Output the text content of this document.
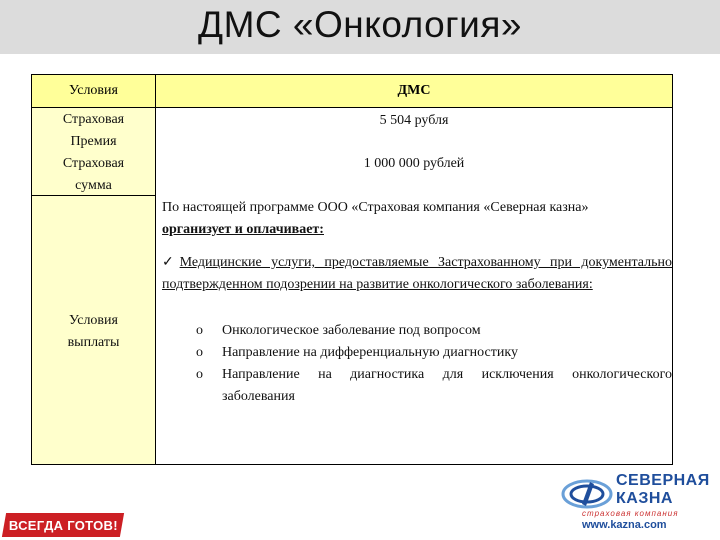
ДМС «Онкология»
Условия	ДМС
Страховая Премия
5 504 рубля
Страховая сумма
1 000 000 рублей
Условия выплаты
По настоящей программе ООО «Страховая компания «Северная казна»
организует и оплачивает:
✓Медицинские услуги, предоставляемые Застрахованному при документально подтвержденном подозрении на развитие онкологического заболевания:
o Онкологическое заболевание под вопросом
o Направление на дифференциальную диагностику
o Направление на диагностика для исключения онкологического заболевания
ВСЕГДА ГОТОВ!
СЕВЕРНАЯ
КАЗНА
страховая компания
www.kazna.com
